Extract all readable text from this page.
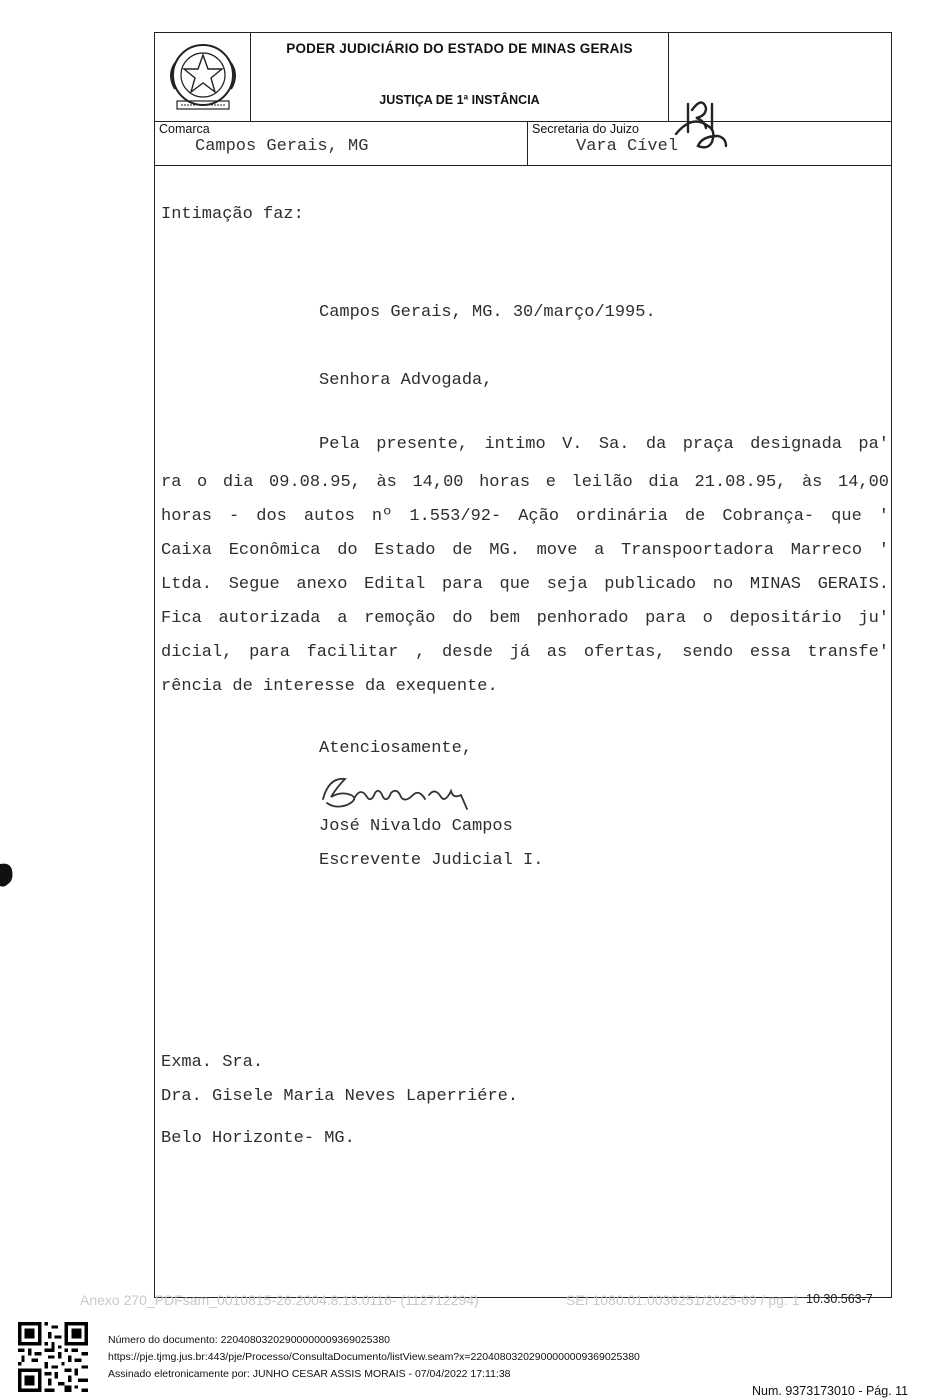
PODER JUDICIÁRIO DO ESTADO DE MINAS GERAIS
JUSTIÇA DE 1ª INSTÂNCIA
Comarca
Campos Gerais, MG
Secretaria do Juizo
Vara Cível
Intimação faz:
Campos Gerais, MG. 30/março/1995.
Senhora Advogada,
Pela presente, intimo V. Sa. da praça designada pa'
ra o dia 09.08.95, às 14,00 horas e leilão dia 21.08.95, às 14,00
horas - dos autos nº 1.553/92- Ação ordinária de Cobrança- que '
Caixa Econômica do Estado de MG. move a Transpoortadora Marreco '
Ltda. Segue anexo Edital para que seja publicado no MINAS GERAIS.
Fica autorizada a remoção do bem penhorado para o depositário ju'
dicial, para facilitar , desde já as ofertas, sendo essa transfe'
rência de interesse da exequente.
Atenciosamente,
José Nivaldo Campos
Escrevente Judicial I.
Exma. Sra.
Dra. Gisele Maria Neves Laperriére.
Belo Horizonte- MG.
Anexo 270_PDFsam_0010815-26.2004.8.13.0116- (112712294)	SEI 1080.01.0036251/2025-69 / pg. 1 10.30.563-7
Número do documento: 22040803202900000009369025380
https://pje.tjmg.jus.br:443/pje/Processo/ConsultaDocumento/listView.seam?x=22040803202900000009369025380
Assinado eletronicamente por: JUNHO CESAR ASSIS MORAIS - 07/04/2022 17:11:38
Num. 9373173010 - Pág. 11
